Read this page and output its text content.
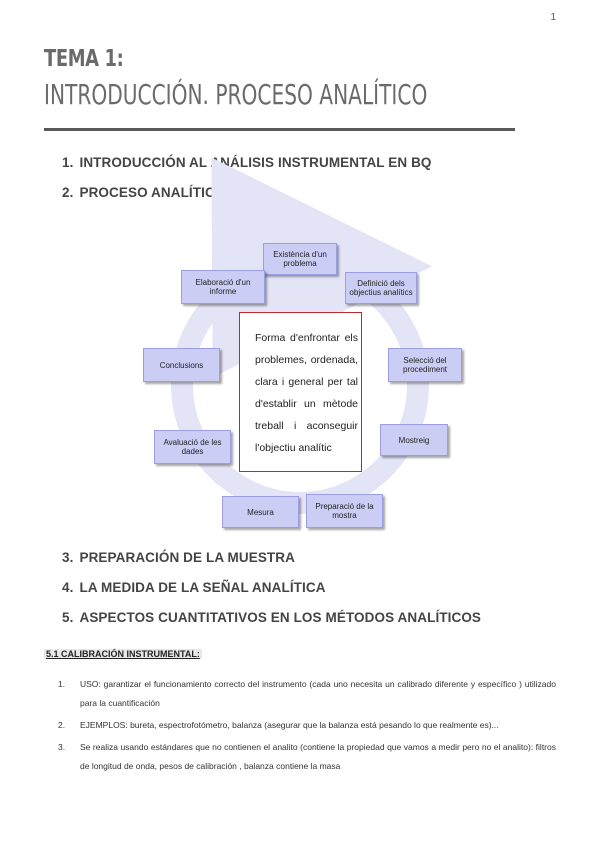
1
TEMA 1:
INTRODUCCIÓN. PROCESO ANALÍTICO
1. INTRODUCCIÓN AL ANÁLISIS INSTRUMENTAL EN BQ
2. PROCESO ANALÍTICO
Existència d'un problema
Definició dels objectius analítics
Selecció del procediment
Mostreig
Preparació de la mostra
Mesura
Avaluació de les dades
Conclusions
Elaboració d'un informe
Forma d'enfrontar els problemes, ordenada, clara i general per tal d'establir un mètode treball i aconseguir l'objectiu analític
3. PREPARACIÓN DE LA MUESTRA
4. LA MEDIDA DE LA SEÑAL ANALÍTICA
5. ASPECTOS CUANTITATIVOS EN LOS MÉTODOS ANALÍTICOS
5.1 CALIBRACIÓN INSTRUMENTAL:
1. USO: garantizar el funcionamiento correcto del instrumento (cada uno necesita un calibrado diferente y específico ) utilizado para la cuantificación
2. EJEMPLOS: bureta, espectrofotómetro, balanza (asegurar que la balanza está pesando lo que realmente es)...
3. Se realiza usando estándares que no contienen el analito (contiene la propiedad que vamos a medir pero no el analito): filtros de longitud de onda, pesos de calibración , balanza contiene la masa
